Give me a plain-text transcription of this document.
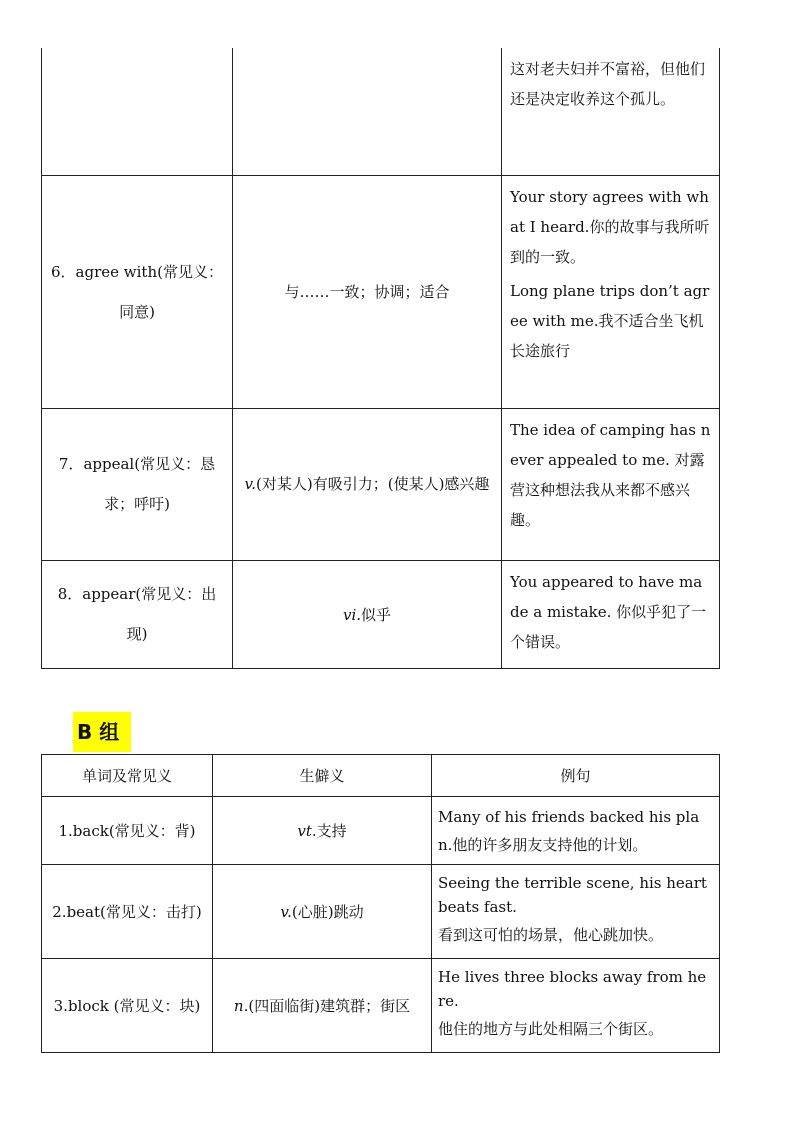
		这对老夫妇并不富裕，但他们还是决定收养这个孤儿。

6．agree with(常见义：同意)	与……一致；协调；适合	Your story agrees with what I heard.你的故事与我所听到的一致。
Long plane trips don’t agree with me.我不适合坐飞机长途旅行

7．appeal(常见义：恳求；呼吁)	v.(对某人)有吸引力；(使某人)感兴趣	The idea of camping has never appealed to me. 对露营这种想法我从来都不感兴趣。

8．appear(常见义：出现)	vi.似乎	You appeared to have made a mistake. 你似乎犯了一个错误。
B 组
单词及常见义	生僻义	例句
1.back(常见义：背)	vt.支持	Many of his friends backed his plan.他的许多朋友支持他的计划。

2.beat(常见义：击打)	v.(心脏)跳动	Seeing the terrible scene, his heart beats fast.
看到这可怕的场景，他心跳加快。

3.block (常见义：块)	n.(四面临街)建筑群；街区	He lives three blocks away from here.
他住的地方与此处相隔三个街区。
